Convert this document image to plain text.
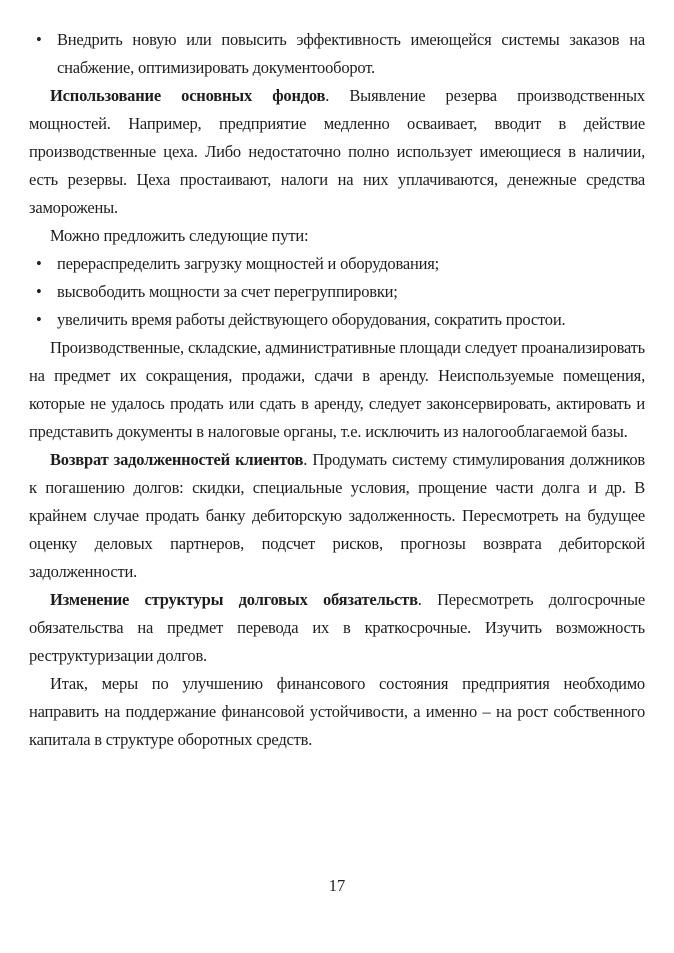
• Внедрить новую или повысить эффективность имеющейся системы заказов на снабжение, оптимизировать документооборот.

Использование основных фондов. Выявление резерва производственных мощностей. Например, предприятие медленно осваивает, вводит в действие производственные цеха. Либо недостаточно полно использует имеющиеся в наличии, есть резервы. Цеха простаивают, налоги на них уплачиваются, денежные средства заморожены.

Можно предложить следующие пути:

• перераспределить загрузку мощностей и оборудования;
• высвободить мощности за счет перегруппировки;
• увеличить время работы действующего оборудования, сократить простои.

Производственные, складские, административные площади следует проанализировать на предмет их сокращения, продажи, сдачи в аренду. Неиспользуемые помещения, которые не удалось продать или сдать в аренду, следует законсервировать, актировать и представить документы в налоговые органы, т.е. исключить из налогооблагаемой базы.

Возврат задолженностей клиентов. Продумать систему стимулирования должников к погашению долгов: скидки, специальные условия, прощение части долга и др. В крайнем случае продать банку дебиторскую задолженность. Пересмотреть на будущее оценку деловых партнеров, подсчет рисков, прогнозы возврата дебиторской задолженности.

Изменение структуры долговых обязательств. Пересмотреть долгосрочные обязательства на предмет перевода их в краткосрочные. Изучить возможность реструктуризации долгов.

Итак, меры по улучшению финансового состояния предприятия необходимо направить на поддержание финансовой устойчивости, а именно – на рост собственного капитала в структуре оборотных средств.

17
